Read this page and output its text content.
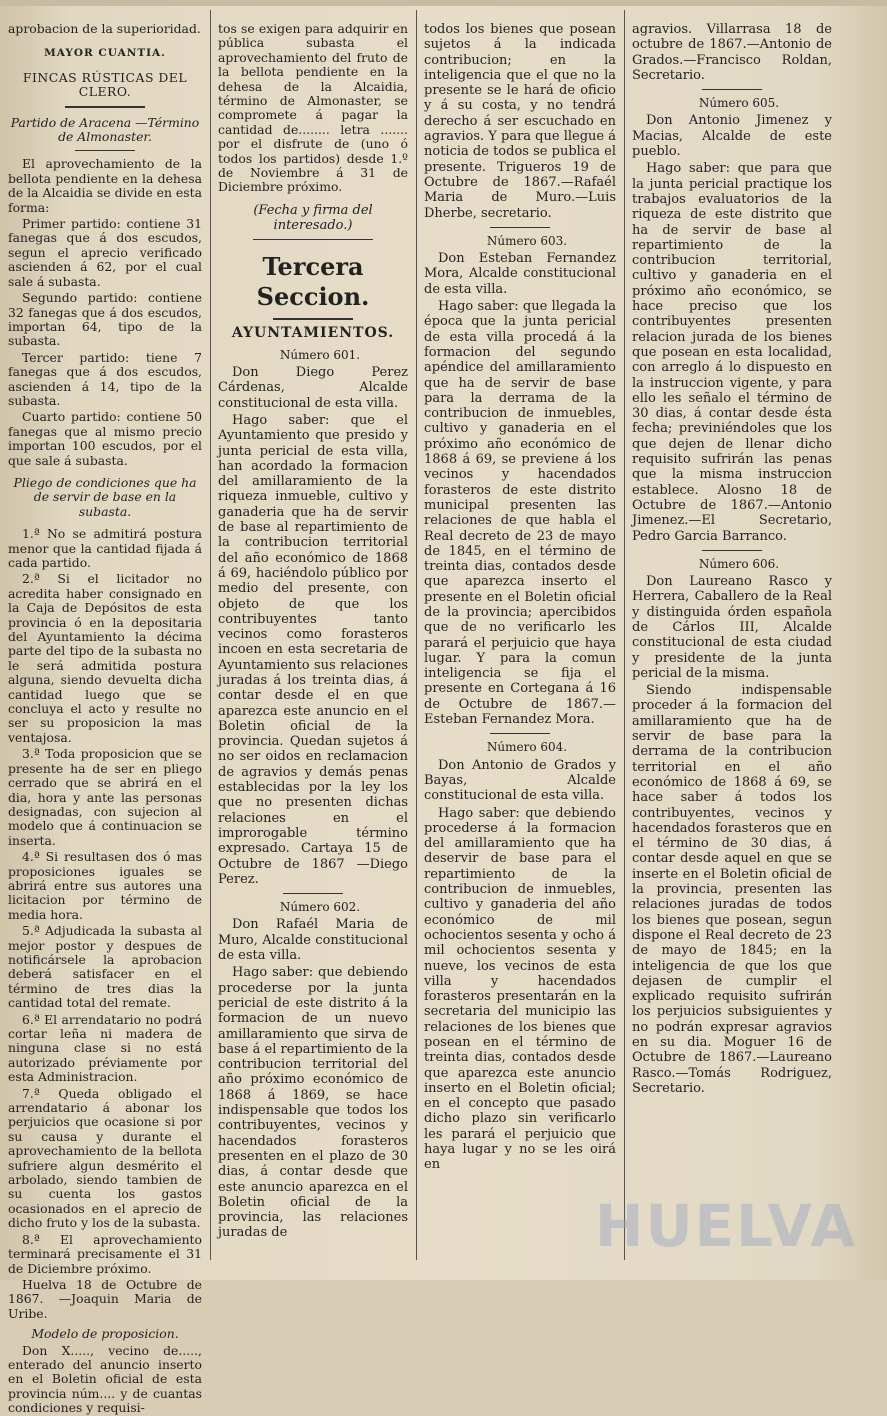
aprobacion de la superioridad.

MAYOR CUANTIA.

FINCAS RÚSTICAS DEL CLERO.

Partido de Aracena —Término de Almonaster.

El aprovechamiento de la bellota pendiente en la dehesa de la Alcaidia se divide en esta forma:

Primer partido: contiene 31 fanegas que á dos escudos, segun el aprecio verificado ascienden á 62, por el cual sale á subasta.

Segundo partido: contiene 32 fanegas que á dos escudos, importan 64, tipo de la subasta.

Tercer partido: tiene 7 fanegas que á dos escudos, ascienden á 14, tipo de la subasta.

Cuarto partido: contiene 50 fanegas que al mismo precio importan 100 escudos, por el que sale á subasta.

Pliego de condiciones que ha de servir de base en la subasta.

1.ª No se admitirá postura menor que la cantidad fijada á cada partido.

2.ª Si el licitador no acredita haber consignado en la Caja de Depósitos de esta provincia ó en la depositaria del Ayuntamiento la décima parte del tipo de la subasta no le será admitida postura alguna, siendo devuelta dicha cantidad luego que se concluya el acto y resulte no ser su proposicion la mas ventajosa.

3.ª Toda proposicion que se presente ha de ser en pliego cerrado que se abrirá en el dia, hora y ante las personas designadas, con sujecion al modelo que á continuacion se inserta.

4.ª Si resultasen dos ó mas proposiciones iguales se abrirá entre sus autores una licitacion por término de media hora.

5.ª Adjudicada la subasta al mejor postor y despues de notificársele la aprobacion deberá satisfacer en el término de tres dias la cantidad total del remate.

6.ª El arrendatario no podrá cortar leña ni madera de ninguna clase si no está autorizado préviamente por esta Administracion.

7.ª Queda obligado el arrendatario á abonar los perjuicios que ocasione si por su causa y durante el aprovechamiento de la bellota sufriere algun desmérito el arbolado, siendo tambien de su cuenta los gastos ocasionados en el aprecio de dicho fruto y los de la subasta.

8.ª El aprovechamiento terminará precisamente el 31 de Diciembre próximo.

Huelva 18 de Octubre de 1867. —Joaquin Maria de Uribe.

Modelo de proposicion.

Don X....., vecino de....., enterado del anuncio inserto en el Boletin oficial de esta provincia núm.... y de cuantas condiciones y requisi-

tos se exigen para adquirir en pública subasta el aprovechamiento del fruto de la bellota pendiente en la dehesa de la Alcaidia, término de Almonaster, se compromete á pagar la cantidad de........ letra ....... por el disfrute de (uno ó todos los partidos) desde 1.º de Noviembre á 31 de Diciembre próximo.

(Fecha y firma del interesado.)

Tercera Seccion.
AYUNTAMIENTOS.

Número 601.

Don Diego Perez Cárdenas, Alcalde constitucional de esta villa.

Hago saber: que el Ayuntamiento que presido y junta pericial de esta villa, han acordado la formacion del amillaramiento de la riqueza inmueble, cultivo y ganaderia que ha de servir de base al repartimiento de la contribucion territorial del año económico de 1868 á 69, haciéndolo público por medio del presente, con objeto de que los contribuyentes tanto vecinos como forasteros incoen en esta secretaria de Ayuntamiento sus relaciones juradas á los treinta dias, á contar desde el en que aparezca este anuncio en el Boletin oficial de la provincia. Quedan sujetos á no ser oidos en reclamacion de agravios y demás penas establecidas por la ley los que no presenten dichas relaciones en el improrogable término expresado. Cartaya 15 de Octubre de 1867 —Diego Perez.

Número 602.

Don Rafaél Maria de Muro, Alcalde constitucional de esta villa.

Hago saber: que debiendo procederse por la junta pericial de este distrito á la formacion de un nuevo amillaramiento que sirva de base á el repartimiento de la contribucion territorial del año próximo económico de 1868 á 1869, se hace indispensable que todos los contribuyentes, vecinos y hacendados forasteros presenten en el plazo de 30 dias, á contar desde que este anuncio aparezca en el Boletin oficial de la provincia, las relaciones juradas de

todos los bienes que posean sujetos á la indicada contribucion; en la inteligencia que el que no la presente se le hará de oficio y á su costa, y no tendrá derecho á ser escuchado en agravios. Y para que llegue á noticia de todos se publica el presente. Trigueros 19 de Octubre de 1867.—Rafaél Maria de Muro.—Luis Dherbe, secretario.

Número 603.

Don Esteban Fernandez Mora, Alcalde constitucional de esta villa.

Hago saber: que llegada la época que la junta pericial de esta villa procedá á la formacion del segundo apéndice del amillaramiento que ha de servir de base para la derrama de la contribucion de inmuebles, cultivo y ganaderia en el próximo año económico de 1868 á 69, se previene á los vecinos y hacendados forasteros de este distrito municipal presenten las relaciones de que habla el Real decreto de 23 de mayo de 1845, en el término de treinta dias, contados desde que aparezca inserto el presente en el Boletin oficial de la provincia; apercibidos que de no verificarlo les parará el perjuicio que haya lugar. Y para la comun inteligencia se fija el presente en Cortegana á 16 de Octubre de 1867.—Esteban Fernandez Mora.

Número 604.

Don Antonio de Grados y Bayas, Alcalde constitucional de esta villa.

Hago saber: que debiendo procederse á la formacion del amillaramiento que ha deservir de base para el repartimiento de la contribucion de inmuebles, cultivo y ganaderia del año económico de mil ochocientos sesenta y ocho á mil ochocientos sesenta y nueve, los vecinos de esta villa y hacendados forasteros presentarán en la secretaria del municipio las relaciones de los bienes que posean en el término de treinta dias, contados desde que aparezca este anuncio inserto en el Boletin oficial; en el concepto que pasado dicho plazo sin verificarlo les parará el perjuicio que haya lugar y no se les oirá en

agravios. Villarrasa 18 de octubre de 1867.—Antonio de Grados.—Francisco Roldan, Secretario.

Número 605.

Don Antonio Jimenez y Macias, Alcalde de este pueblo.

Hago saber: que para que la junta pericial practique los trabajos evaluatorios de la riqueza de este distrito que ha de servir de base al repartimiento de la contribucion territorial, cultivo y ganaderia en el próximo año económico, se hace preciso que los contribuyentes presenten relacion jurada de los bienes que posean en esta localidad, con arreglo á lo dispuesto en la instruccion vigente, y para ello les señalo el término de 30 dias, á contar desde ésta fecha; previniéndoles que los que dejen de llenar dicho requisito sufrirán las penas que la misma instruccion establece. Alosno 18 de Octubre de 1867.—Antonio Jimenez.—El Secretario, Pedro Garcia Barranco.

Número 606.

Don Laureano Rasco y Herrera, Caballero de la Real y distinguida órden española de Cárlos III, Alcalde constitucional de esta ciudad y presidente de la junta pericial de la misma.

Siendo indispensable proceder á la formacion del amillaramiento que ha de servir de base para la derrama de la contribucion territorial en el año económico de 1868 á 69, se hace saber á todos los contribuyentes, vecinos y hacendados forasteros que en el término de 30 dias, á contar desde aquel en que se inserte en el Boletin oficial de la provincia, presenten las relaciones juradas de todos los bienes que posean, segun dispone el Real decreto de 23 de mayo de 1845; en la inteligencia de que los que dejasen de cumplir el explicado requisito sufrirán los perjuicios subsiguientes y no podrán expresar agravios en su dia. Moguer 16 de Octubre de 1867.—Laureano Rasco.—Tomás Rodriguez, Secretario.

HUELVA
